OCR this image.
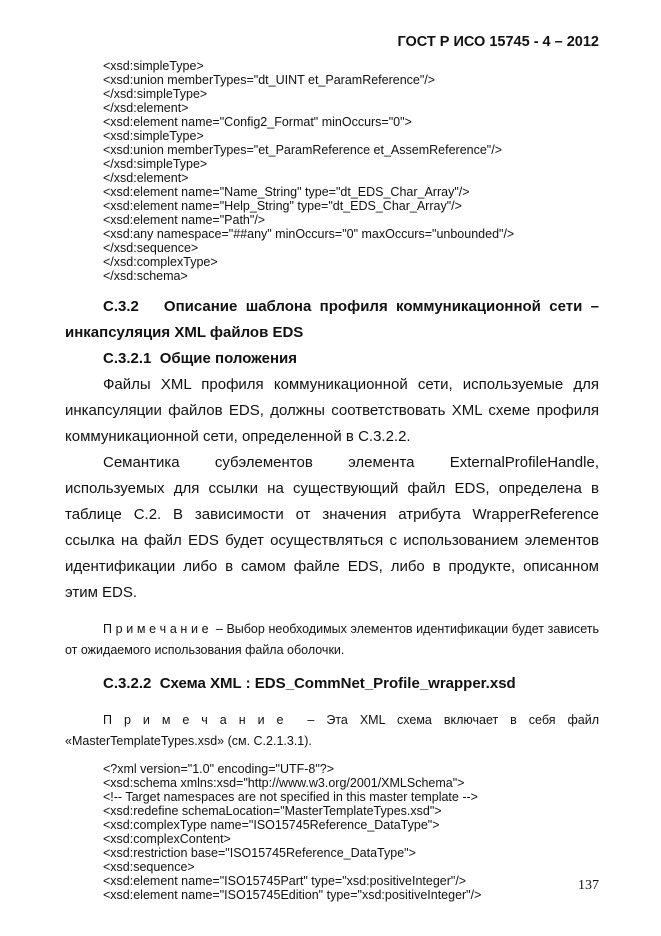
ГОСТ Р ИСО 15745 - 4 – 2012
<xsd:simpleType>
<xsd:union memberTypes="dt_UINT et_ParamReference"/>
</xsd:simpleType>
</xsd:element>
<xsd:element name="Config2_Format" minOccurs="0">
<xsd:simpleType>
<xsd:union memberTypes="et_ParamReference et_AssemReference"/>
</xsd:simpleType>
</xsd:element>
<xsd:element name="Name_String" type="dt_EDS_Char_Array"/>
<xsd:element name="Help_String" type="dt_EDS_Char_Array"/>
<xsd:element name="Path"/>
<xsd:any namespace="##any" minOccurs="0" maxOccurs="unbounded"/>
</xsd:sequence>
</xsd:complexType>
</xsd:schema>
С.3.2   Описание шаблона профиля коммуникационной сети – инкапсуляция XML файлов EDS
С.3.2.1  Общие положения

Файлы XML профиля коммуникационной сети, используемые для инкапсуляции файлов EDS, должны соответствовать XML схеме профиля коммуникационной сети, определенной в С.3.2.2.

Семантика субэлементов элемента ExternalProfileHandle, используемых для ссылки на существующий файл EDS, определена в таблице С.2. В зависимости от значения атрибута WrapperReference ссылка на файл EDS будет осуществляться с использованием элементов идентификации либо в самом файле EDS, либо в продукте, описанном этим EDS.

П р и м е ч а н и е  – Выбор необходимых элементов идентификации будет зависеть от ожидаемого использования файла оболочки.
С.3.2.2  Схема XML : EDS_CommNet_Profile_wrapper.xsd
П р и м е ч а н и е  – Эта XML схема включает в себя файл «MasterTemplateTypes.xsd» (см. С.2.1.3.1).
<?xml version="1.0" encoding="UTF-8"?>
<xsd:schema xmlns:xsd="http://www.w3.org/2001/XMLSchema">
<!-- Target namespaces are not specified in this master template -->
<xsd:redefine schemaLocation="MasterTemplateTypes.xsd">
<xsd:complexType name="ISO15745Reference_DataType">
<xsd:complexContent>
<xsd:restriction base="ISO15745Reference_DataType">
<xsd:sequence>
<xsd:element name="ISO15745Part" type="xsd:positiveInteger"/>
<xsd:element name="ISO15745Edition" type="xsd:positiveInteger"/>
137
